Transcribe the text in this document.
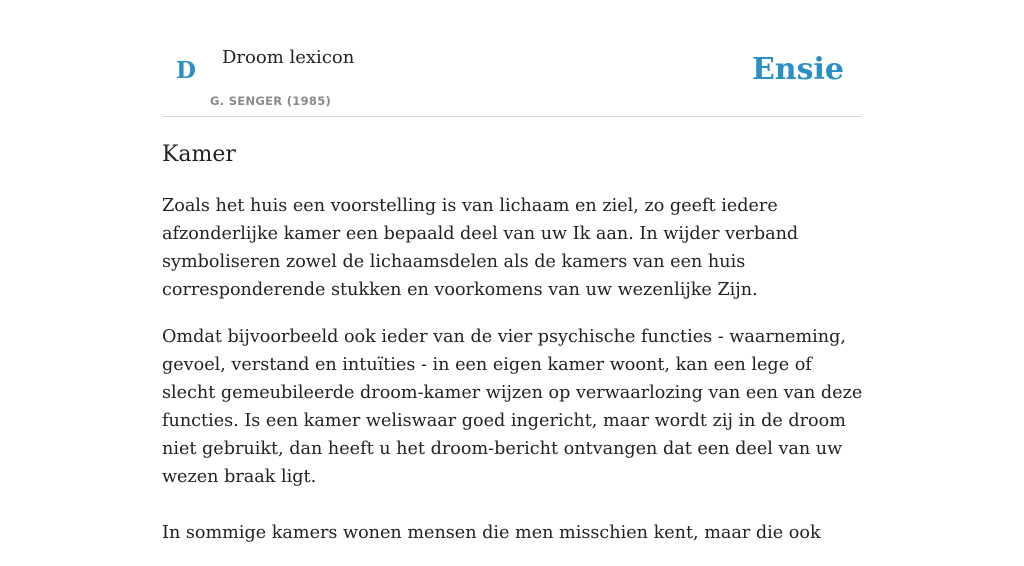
D Droom lexicon
G. SENGER (1985)
Ensie
Kamer

Zoals het huis een voorstelling is van lichaam en ziel, zo geeft iedere afzonderlijke kamer een bepaald deel van uw Ik aan. In wijder verband symboliseren zowel de lichaamsdelen als de kamers van een huis corresponderende stukken en voorkomens van uw wezenlijke Zijn.

Omdat bijvoorbeeld ook ieder van de vier psychische functies - waarneming, gevoel, verstand en intuïties - in een eigen kamer woont, kan een lege of slecht gemeubileerde droom-kamer wijzen op verwaarlozing van een van deze functies. Is een kamer weliswaar goed ingericht, maar wordt zij in de droom niet gebruikt, dan heeft u het droom-bericht ontvangen dat een deel van uw wezen braak ligt.

In sommige kamers wonen mensen die men misschien kent, maar die ook
